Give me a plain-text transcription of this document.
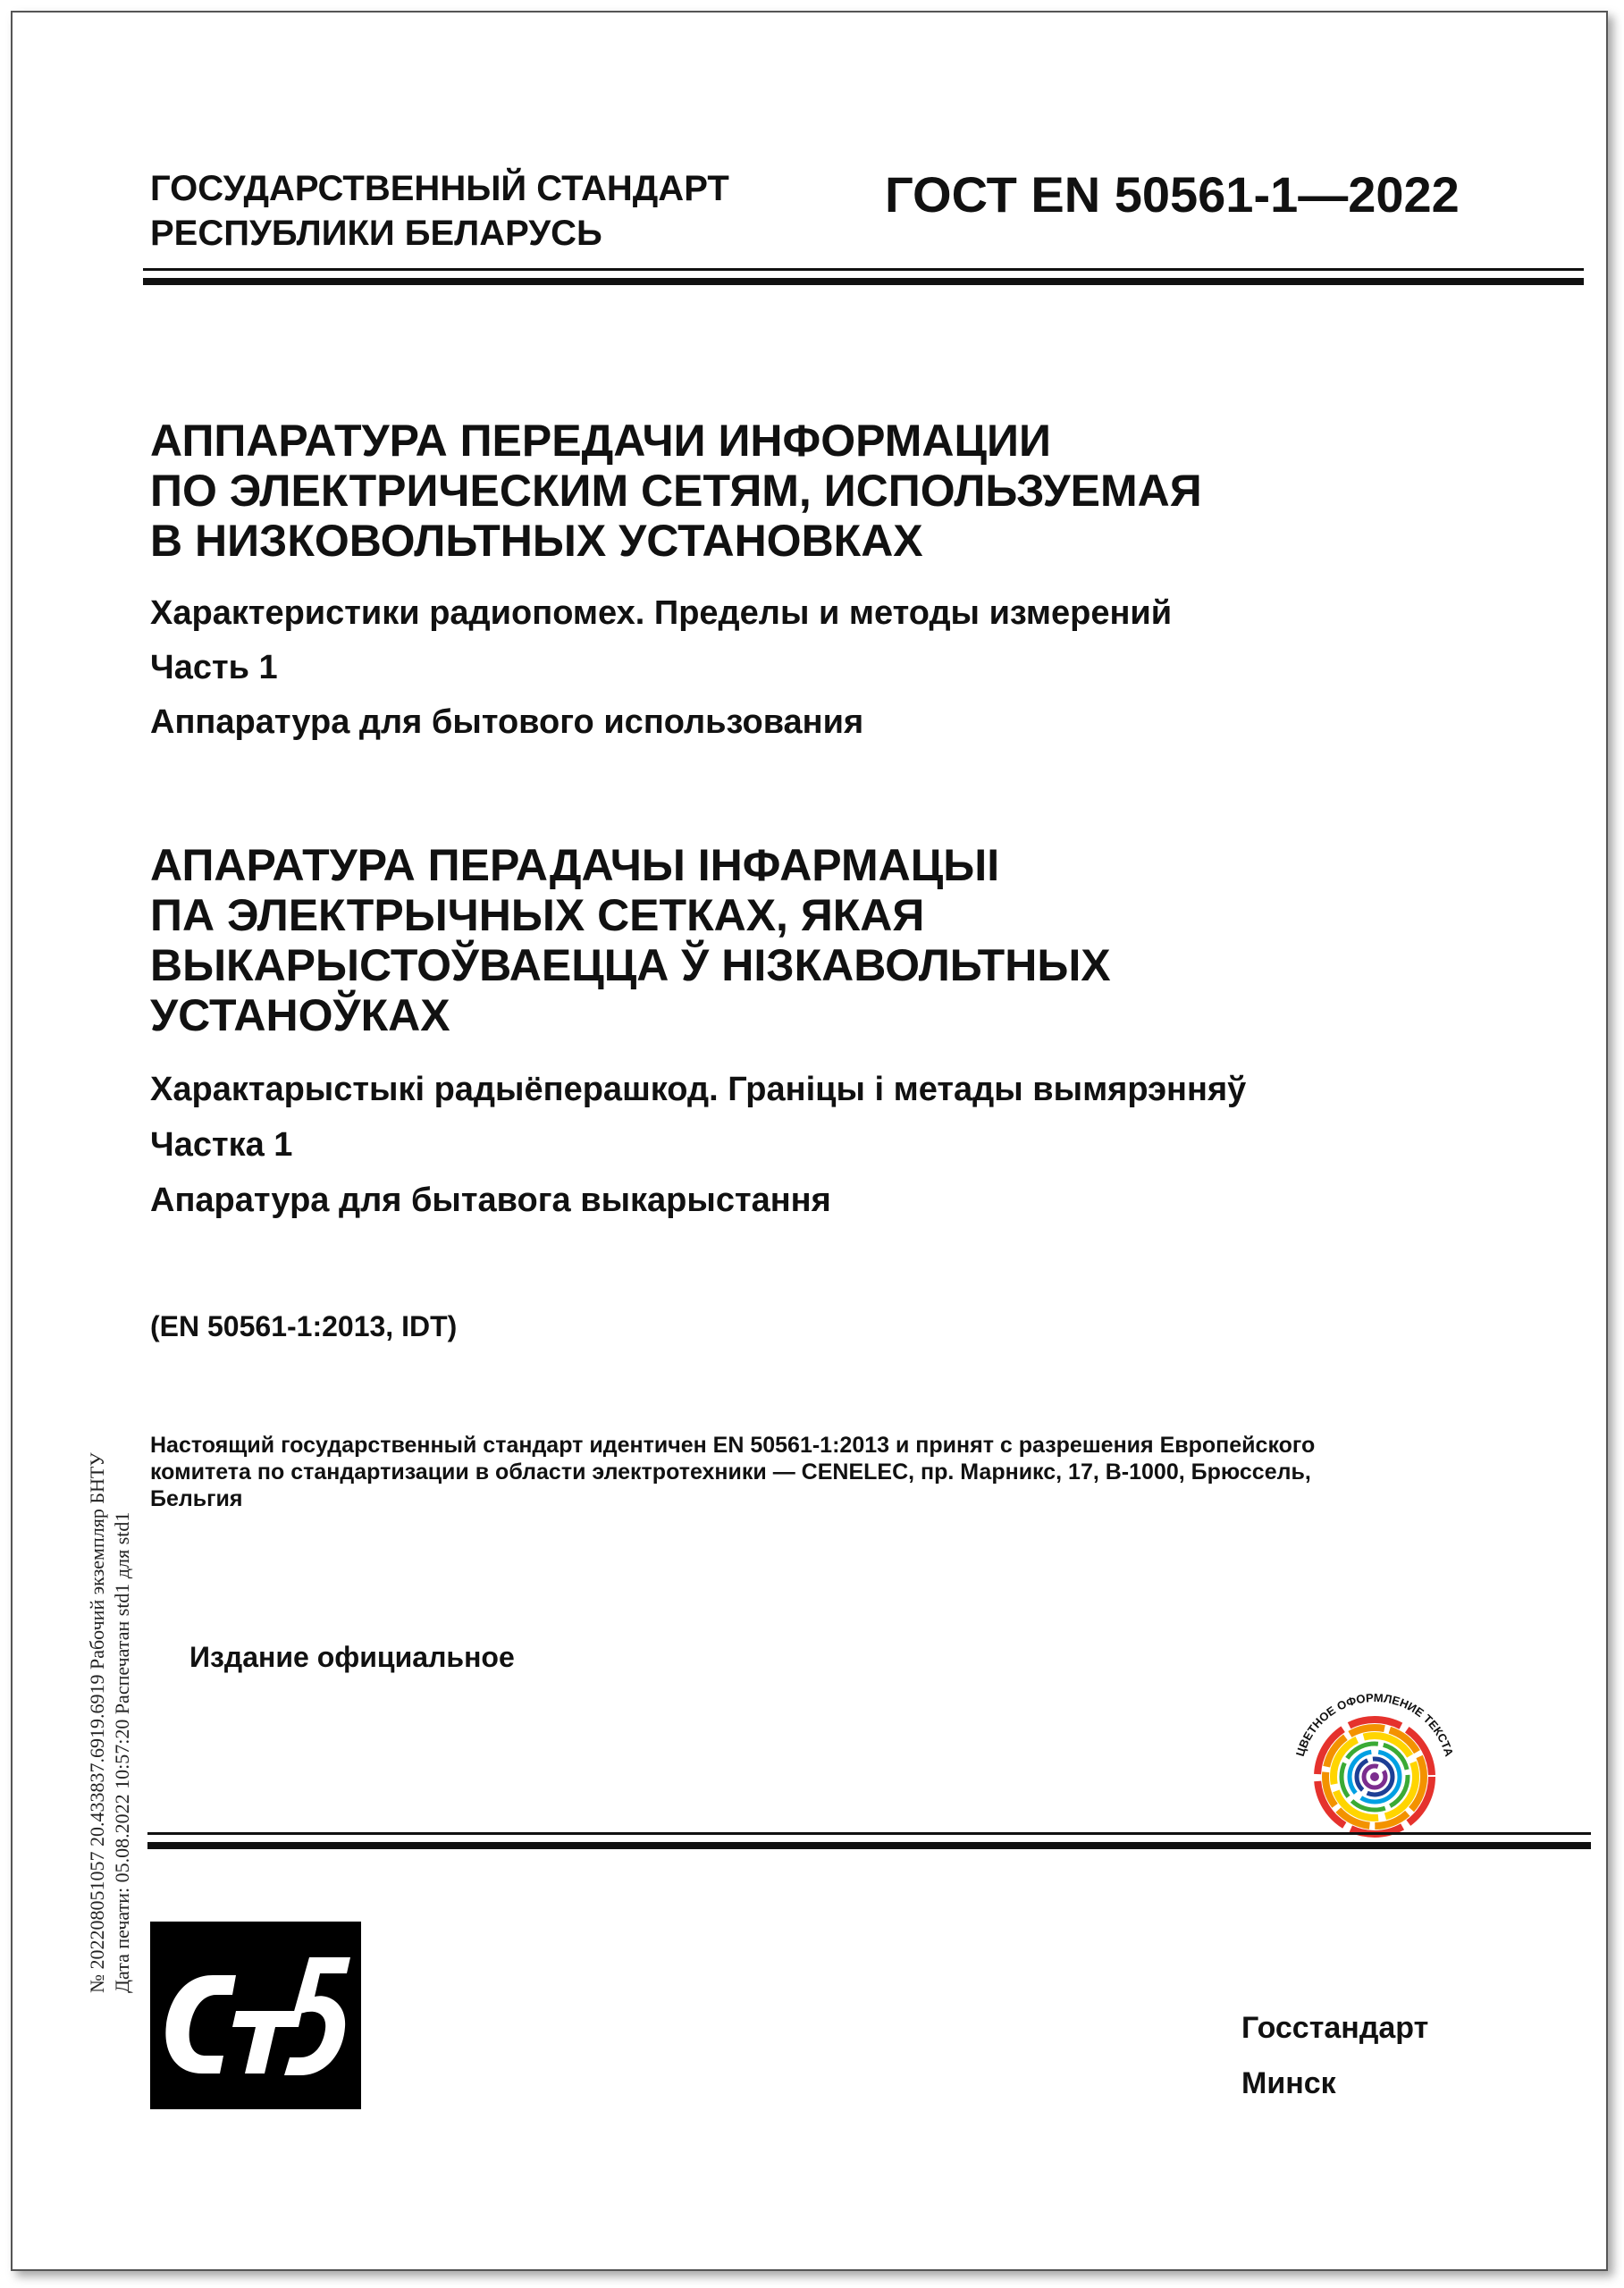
ГОСУДАРСТВЕННЫЙ СТАНДАРТ
РЕСПУБЛИКИ БЕЛАРУСЬ
ГОСТ EN 50561-1—2022
АППАРАТУРА ПЕРЕДАЧИ ИНФОРМАЦИИ
ПО ЭЛЕКТРИЧЕСКИМ СЕТЯМ, ИСПОЛЬЗУЕМАЯ
В НИЗКОВОЛЬТНЫХ УСТАНОВКАХ
Характеристики радиопомех. Пределы и методы измерений
Часть 1
Аппаратура для бытового использования
АПАРАТУРА ПЕРАДАЧЫ ІНФАРМАЦЫІ
ПА ЭЛЕКТРЫЧНЫХ СЕТКАХ, ЯКАЯ
ВЫКАРЫСТОЎВАЕЦЦА Ў НІЗКАВОЛЬТНЫХ
УСТАНОЎКАХ
Характарыстыкі радыёперашкод. Граніцы і метады вымярэнняў
Частка 1
Апаратура для бытавога выкарыстання
(EN 50561-1:2013, IDT)
Настоящий государственный стандарт идентичен EN 50561-1:2013 и принят с разрешения Европейского
комитета по стандартизации в области электротехники — CENELEC, пр. Марникс, 17, B-1000, Брюссель,
Бельгия
Издание официальное
ЦВЕТНОЕ ОФОРМЛЕНИЕ ТЕКСТА
№ 202208051057 20.433837.6919.6919 Рабочий экземпляр БНТУ Дата печати: 05.08.2022 10:57:20 Распечатан std1 для std1
Госстандарт
Минск
